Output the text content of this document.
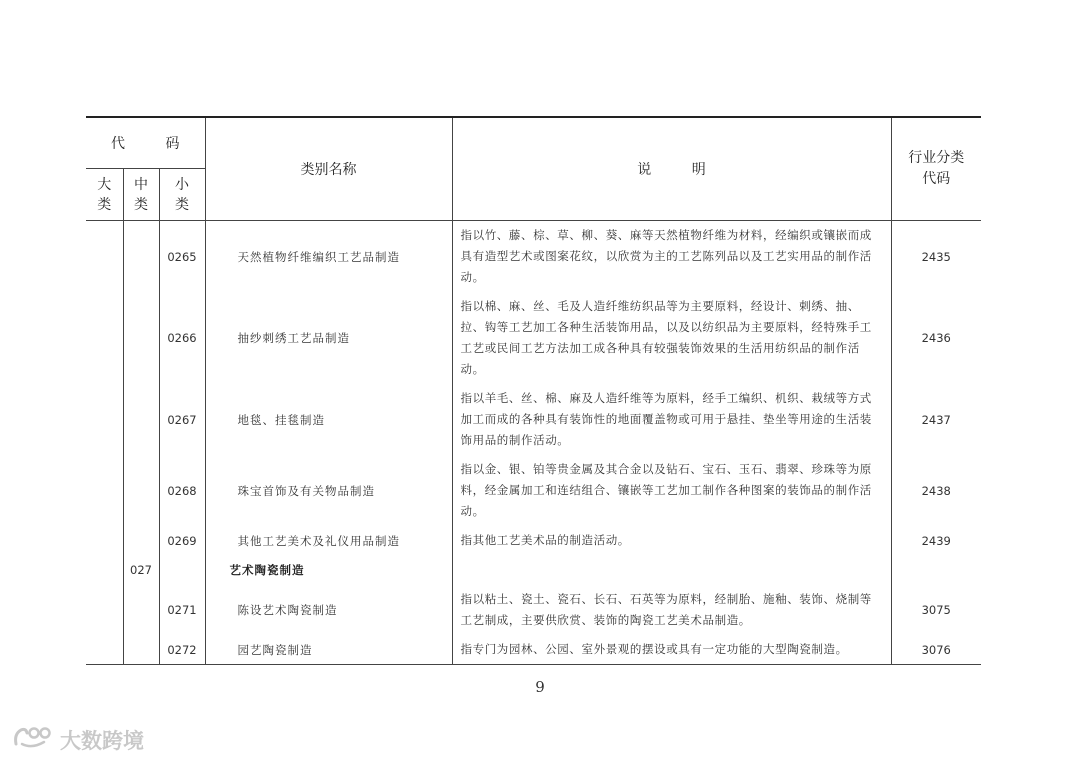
代 码			类别名称	说 明	行业分类代码
大类	中类	小类			
		0265	天然植物纤维编织工艺品制造	指以竹、藤、棕、草、柳、葵、麻等天然植物纤维为材料，经编织或镶嵌而成具有造型艺术或图案花纹，以欣赏为主的工艺陈列品以及工艺实用品的制作活动。	2435
		0266	抽纱刺绣工艺品制造	指以棉、麻、丝、毛及人造纤维纺织品等为主要原料，经设计、剌绣、抽、拉、钩等工艺加工各种生活装饰用品，以及以纺织品为主要原料，经特殊手工工艺或民间工艺方法加工成各种具有较强装饰效果的生活用纺织品的制作活动。	2436
		0267	地毯、挂毯制造	指以羊毛、丝、棉、麻及人造纤维等为原料，经手工编织、机织、栽绒等方式加工而成的各种具有装饰性的地面覆盖物或可用于悬挂、垫坐等用途的生活装饰用品的制作活动。	2437
		0268	珠宝首饰及有关物品制造	指以金、银、铂等贵金属及其合金以及钻石、宝石、玉石、翡翠、珍珠等为原料，经金属加工和连结组合、镶嵌等工艺加工制作各种图案的装饰品的制作活动。	2438
		0269	其他工艺美术及礼仪用品制造	指其他工艺美术品的制造活动。	2439
	027		艺术陶瓷制造		
		0271	陈设艺术陶瓷制造	指以粘土、瓷土、瓷石、长石、石英等为原料，经制胎、施釉、装饰、烧制等工艺制成，主要供欣赏、装饰的陶瓷工艺美术品制造。	3075
		0272	园艺陶瓷制造	指专门为园林、公园、室外景观的摆设或具有一定功能的大型陶瓷制造。	3076
9
大数跨境
